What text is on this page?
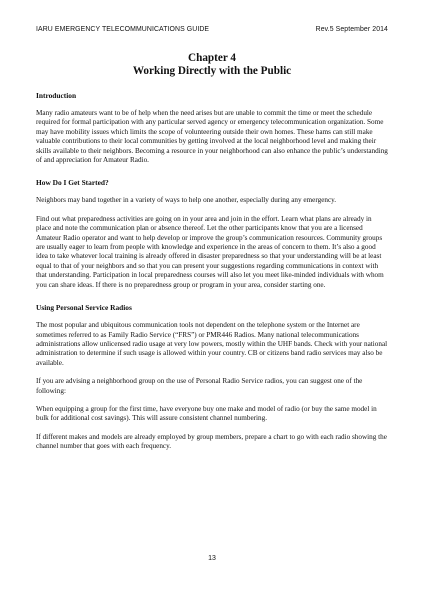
IARU EMERGENCY TELECOMMUNICATIONS GUIDE	Rev.5 September 2014
Chapter 4
Working Directly with the Public
Introduction

Many radio amateurs want to be of help when the need arises but are unable to commit the time or meet the schedule required for formal participation with any particular served agency or emergency telecommunication organization. Some may have mobility issues which limits the scope of volunteering outside their own homes. These hams can still make valuable contributions to their local communities by getting involved at the local neighborhood level and making their skills available to their neighbors. Becoming a resource in your neighborhood can also enhance the public’s understanding of and appreciation for Amateur Radio.

How Do I Get Started?

Neighbors may band together in a variety of ways to help one another, especially during any emergency.

Find out what preparedness activities are going on in your area and join in the effort. Learn what plans are already in place and note the communication plan or absence thereof. Let the other participants know that you are a licensed Amateur Radio operator and want to help develop or improve the group’s communication resources. Community groups are usually eager to learn from people with knowledge and experience in the areas of concern to them. It’s also a good idea to take whatever local training is already offered in disaster preparedness so that your understanding will be at least equal to that of your neighbors and so that you can present your suggestions regarding communications in context with that understanding. Participation in local preparedness courses will also let you meet like-minded individuals with whom you can share ideas. If there is no preparedness group or program in your area, consider starting one.

Using Personal Service Radios

The most popular and ubiquitous communication tools not dependent on the telephone system or the Internet are sometimes referred to as Family Radio Service (“FRS”) or PMR446 Radios. Many national telecommunications administrations allow unlicensed radio usage at very low powers, mostly within the UHF bands. Check with your national administration to determine if such usage is allowed within your country. CB or citizens band radio services may also be available.

If you are advising a neighborhood group on the use of Personal Radio Service radios, you can suggest one of the following:

When equipping a group for the first time, have everyone buy one make and model of radio (or buy the same model in bulk for additional cost savings). This will assure consistent channel numbering.

If different makes and models are already employed by group members, prepare a chart to go with each radio showing the channel number that goes with each frequency.

13
